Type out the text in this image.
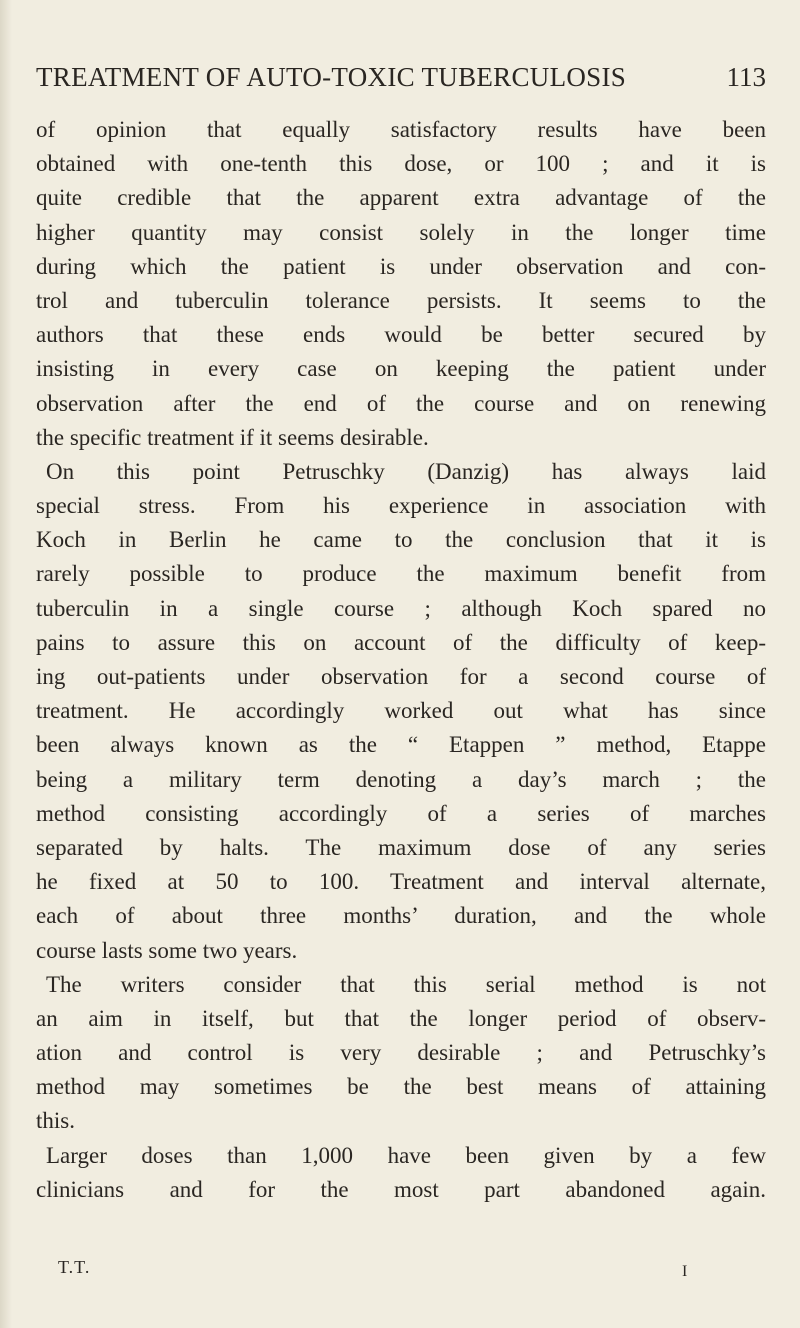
TREATMENT OF AUTO-TOXIC TUBERCULOSIS	113
of opinion that equally satisfactory results have been
obtained with one-tenth this dose, or 100 ; and it is
quite credible that the apparent extra advantage of the
higher quantity may consist solely in the longer time
during which the patient is under observation and con-
trol and tuberculin tolerance persists. It seems to the
authors that these ends would be better secured by
insisting in every case on keeping the patient under
observation after the end of the course and on renewing
the specific treatment if it seems desirable.
On this point Petruschky (Danzig) has always laid
special stress. From his experience in association with
Koch in Berlin he came to the conclusion that it is
rarely possible to produce the maximum benefit from
tuberculin in a single course ; although Koch spared no
pains to assure this on account of the difficulty of keep-
ing out-patients under observation for a second course of
treatment. He accordingly worked out what has since
been always known as the “ Etappen ” method, Etappe
being a military term denoting a day’s march ; the
method consisting accordingly of a series of marches
separated by halts. The maximum dose of any series
he fixed at 50 to 100. Treatment and interval alternate,
each of about three months’ duration, and the whole
course lasts some two years.
The writers consider that this serial method is not
an aim in itself, but that the longer period of observ-
ation and control is very desirable ; and Petruschky’s
method may sometimes be the best means of attaining
this.
Larger doses than 1,000 have been given by a few
clinicians and for the most part abandoned again.
T.T.	I
